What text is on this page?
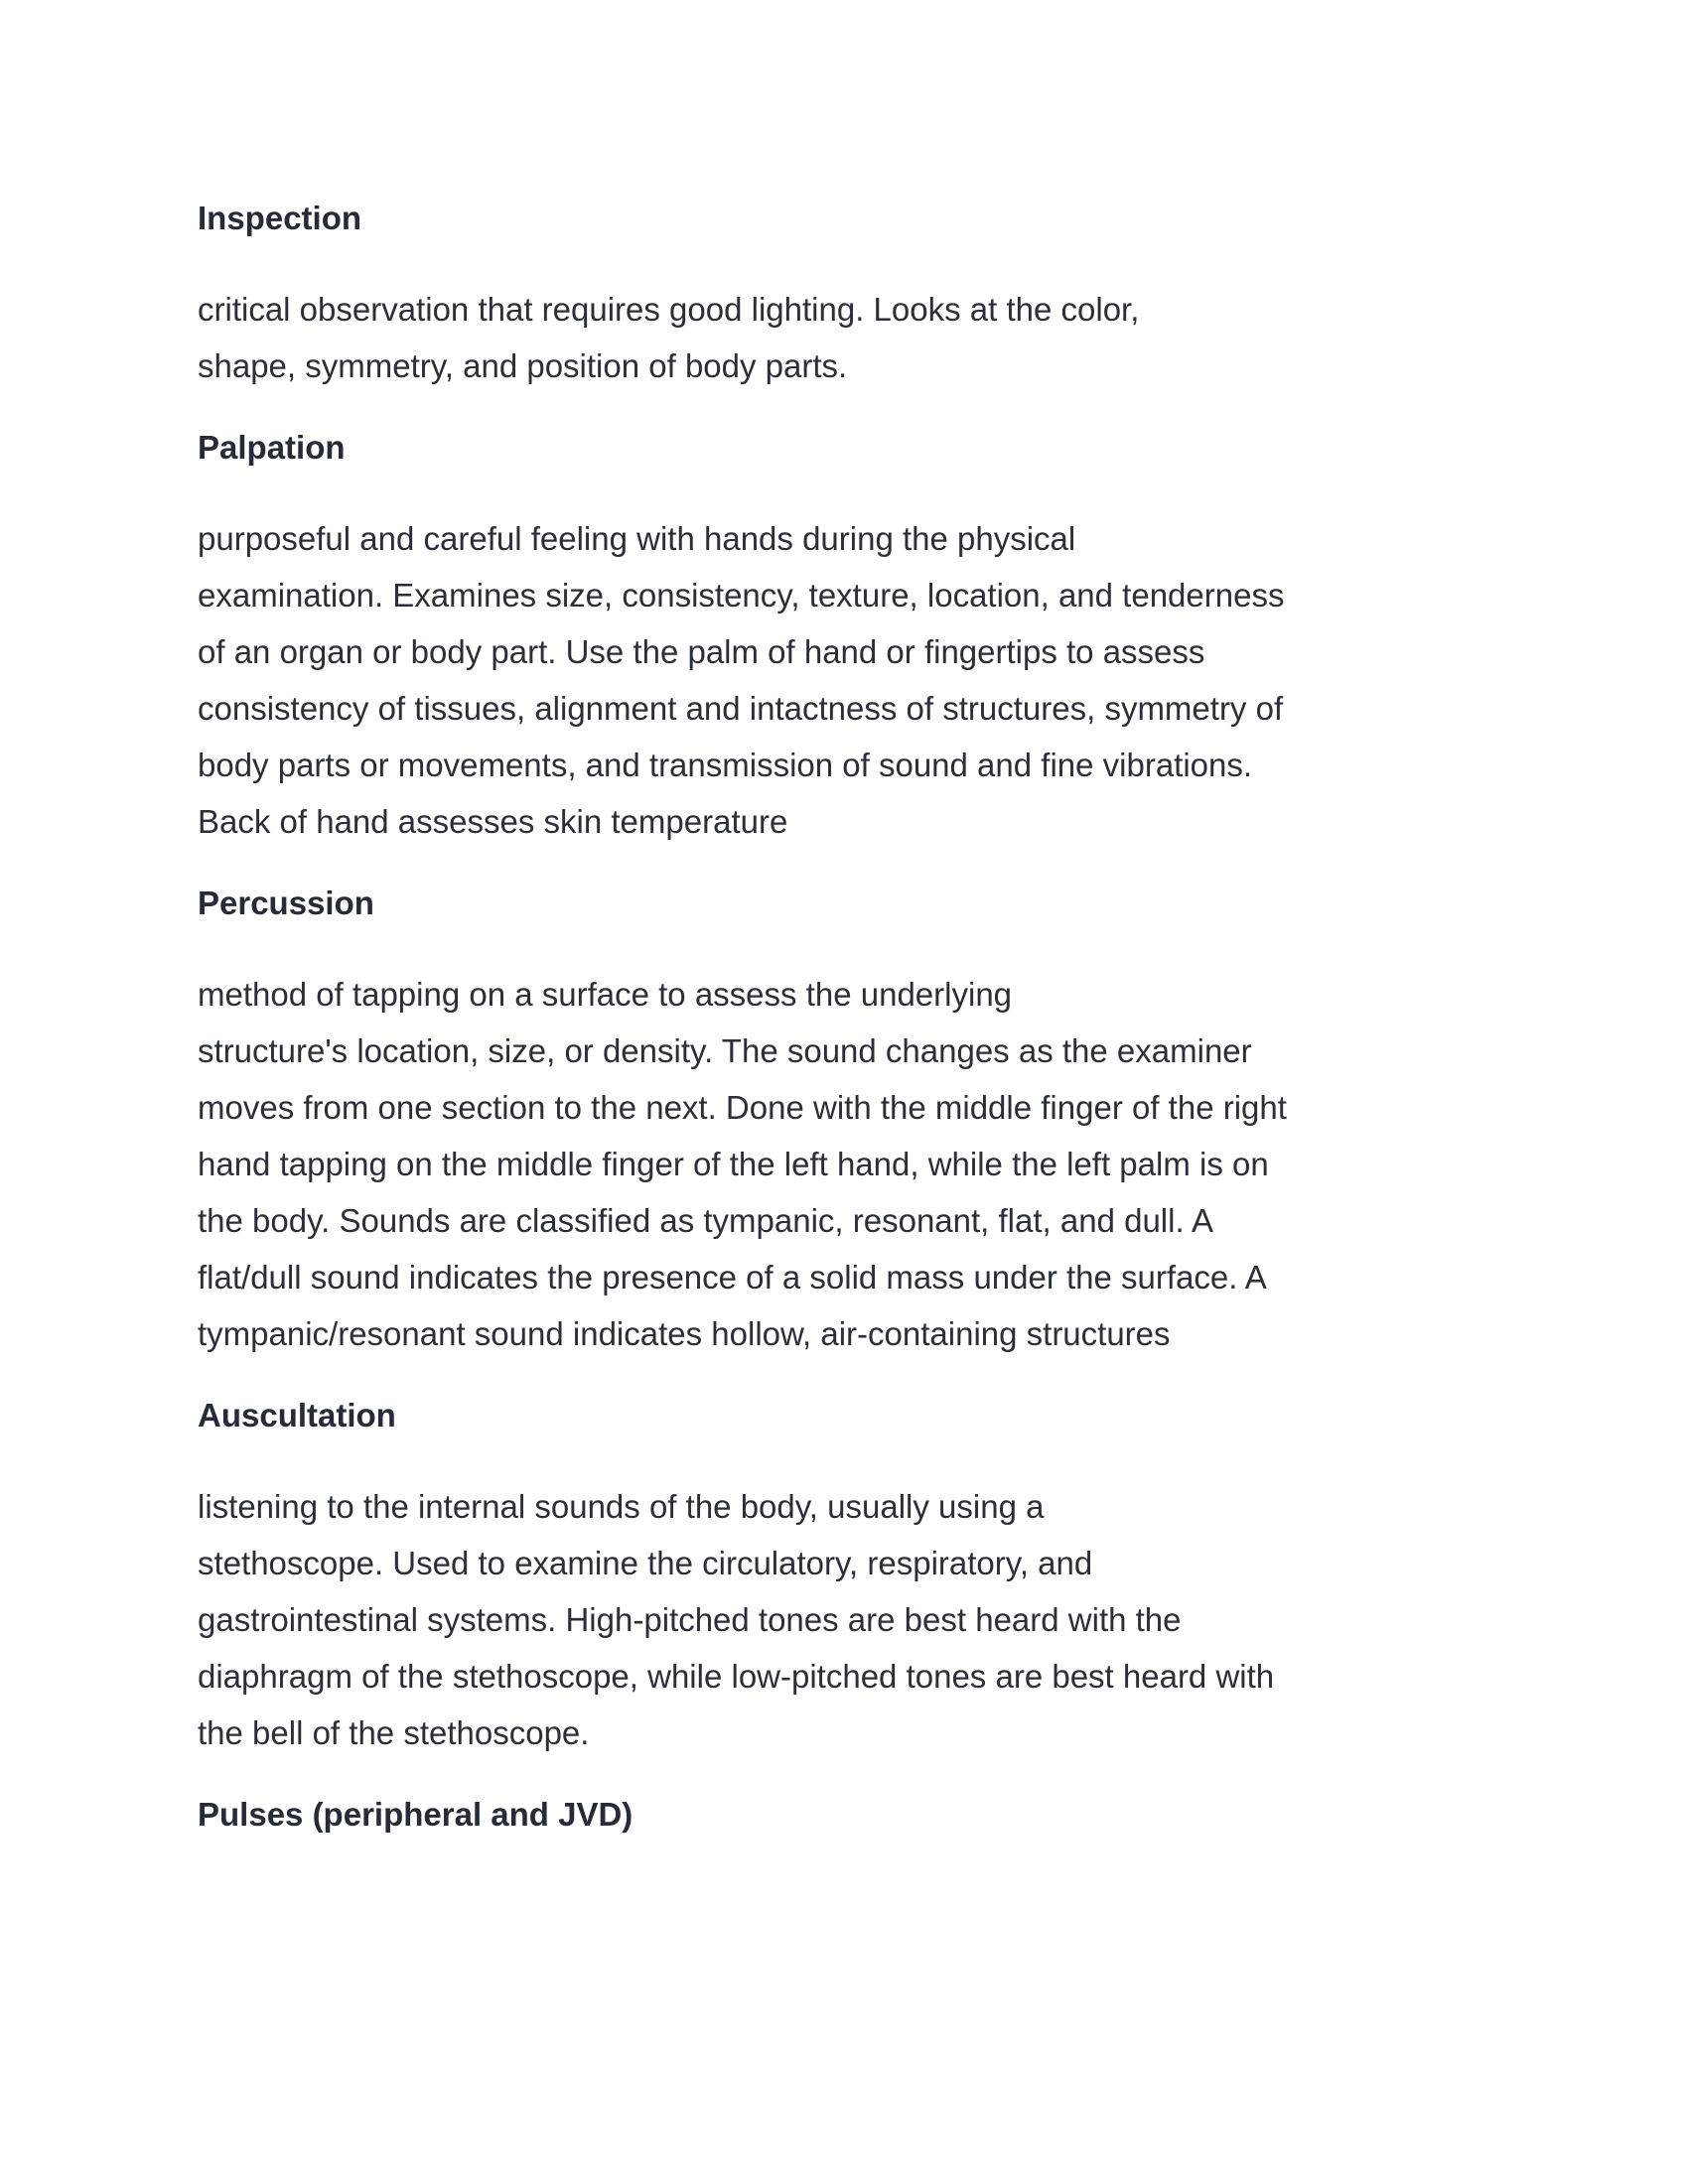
Inspection

critical observation that requires good lighting. Looks at the color,
shape, symmetry, and position of body parts.

Palpation

purposeful and careful feeling with hands during the physical
examination. Examines size, consistency, texture, location, and tenderness
of an organ or body part. Use the palm of hand or fingertips to assess
consistency of tissues, alignment and intactness of structures, symmetry of
body parts or movements, and transmission of sound and fine vibrations.
Back of hand assesses skin temperature

Percussion

method of tapping on a surface to assess the underlying
structure's location, size, or density. The sound changes as the examiner
moves from one section to the next. Done with the middle finger of the right
hand tapping on the middle finger of the left hand, while the left palm is on
the body. Sounds are classified as tympanic, resonant, flat, and dull. A
flat/dull sound indicates the presence of a solid mass under the surface. A
tympanic/resonant sound indicates hollow, air-containing structures

Auscultation

listening to the internal sounds of the body, usually using a
stethoscope. Used to examine the circulatory, respiratory, and
gastrointestinal systems. High-pitched tones are best heard with the
diaphragm of the stethoscope, while low-pitched tones are best heard with
the bell of the stethoscope.

Pulses (peripheral and JVD)
